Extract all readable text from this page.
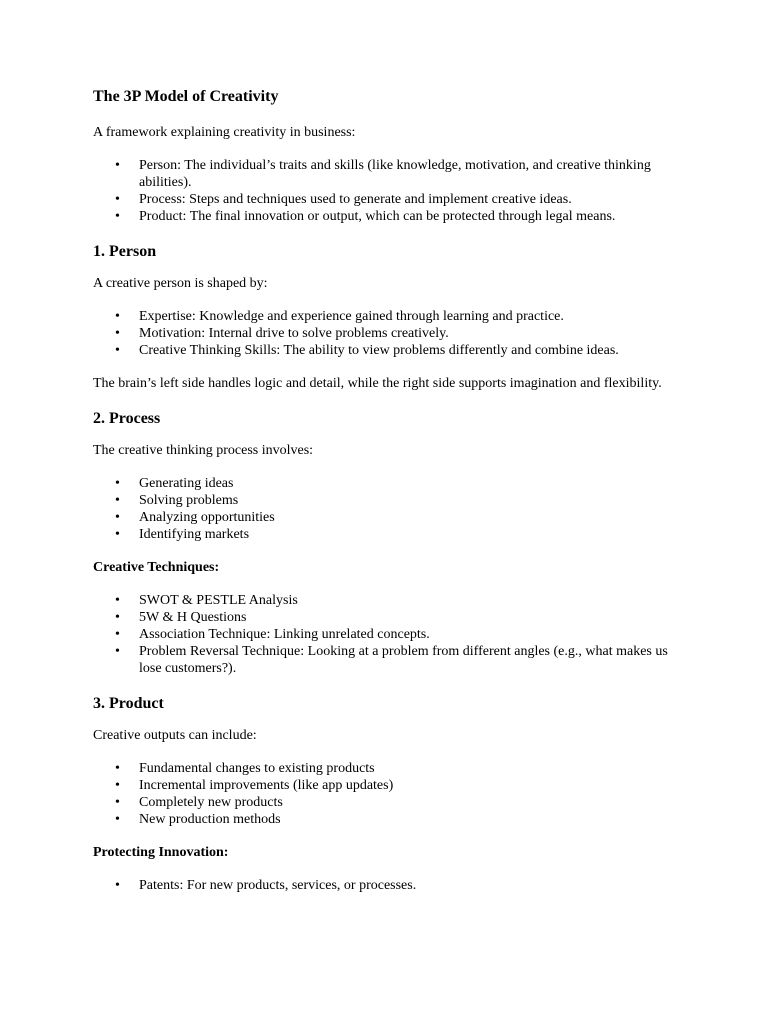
The 3P Model of Creativity

A framework explaining creativity in business:

• Person: The individual’s traits and skills (like knowledge, motivation, and creative thinking abilities).
• Process: Steps and techniques used to generate and implement creative ideas.
• Product: The final innovation or output, which can be protected through legal means.
1. Person

A creative person is shaped by:

• Expertise: Knowledge and experience gained through learning and practice.
• Motivation: Internal drive to solve problems creatively.
• Creative Thinking Skills: The ability to view problems differently and combine ideas.

The brain’s left side handles logic and detail, while the right side supports imagination and flexibility.

2. Process

The creative thinking process involves:

• Generating ideas
• Solving problems
• Analyzing opportunities
• Identifying markets
Creative Techniques:
• SWOT & PESTLE Analysis
• 5W & H Questions
• Association Technique: Linking unrelated concepts.
• Problem Reversal Technique: Looking at a problem from different angles (e.g., what makes us lose customers?).
3. Product

Creative outputs can include:

• Fundamental changes to existing products
• Incremental improvements (like app updates)
• Completely new products
• New production methods
Protecting Innovation:
• Patents: For new products, services, or processes.
